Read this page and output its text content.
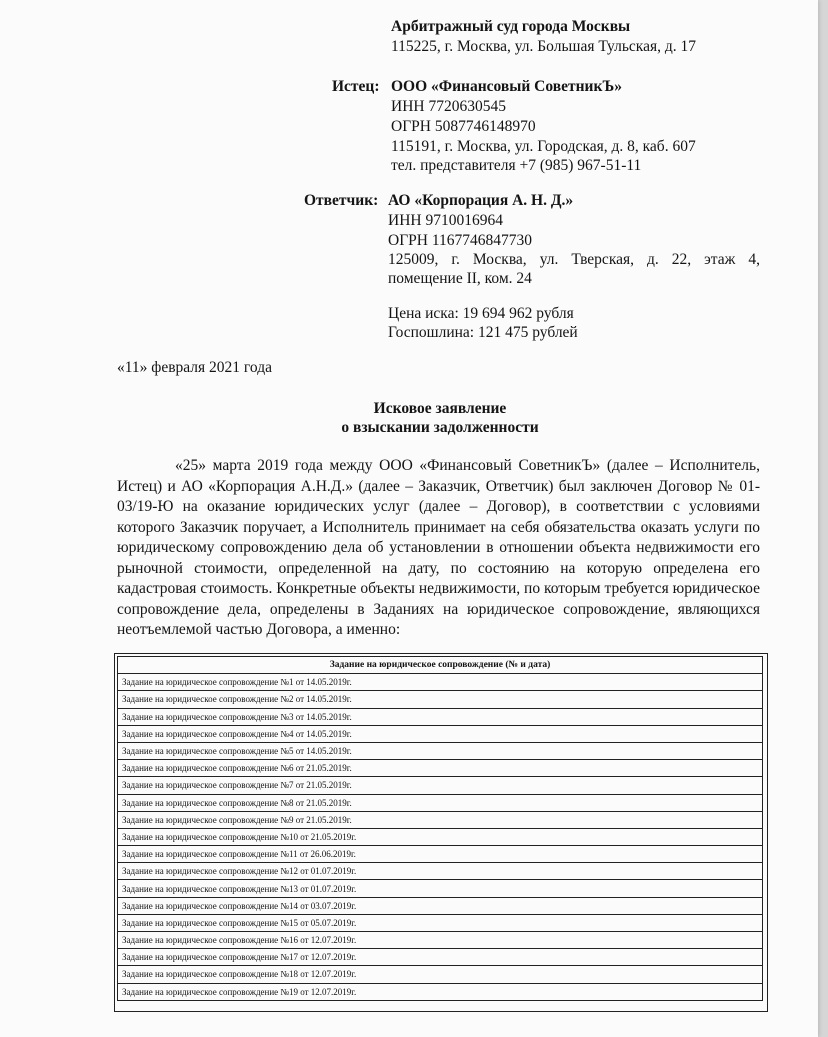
Арбитражный суд города Москвы
115225, г. Москва, ул. Большая Тульская, д. 17
Истец: ООО «Финансовый СоветникЪ»
ИНН 7720630545
ОГРН 5087746148970
115191, г. Москва, ул. Городская, д. 8, каб. 607
тел. представителя +7 (985) 967-51-11
Ответчик: АО «Корпорация А. Н. Д.»
ИНН 9710016964
ОГРН 1167746847730
125009, г. Москва, ул. Тверская, д. 22, этаж 4,
помещение II, ком. 24
Цена иска: 19 694 962 рубля
Госпошлина: 121 475 рублей
«11» февраля 2021 года
Исковое заявление
о взыскании задолженности
«25» марта 2019 года между ООО «Финансовый СоветникЪ» (далее – Исполнитель, Истец) и АО «Корпорация А.Н.Д.» (далее – Заказчик, Ответчик) был заключен Договор № 01-03/19-Ю на оказание юридических услуг (далее – Договор), в соответствии с условиями которого Заказчик поручает, а Исполнитель принимает на себя обязательства оказать услуги по юридическому сопровождению дела об установлении в отношении объекта недвижимости его рыночной стоимости, определенной на дату, по состоянию на которую определена его кадастровая стоимость. Конкретные объекты недвижимости, по которым требуется юридическое сопровождение дела, определены в Заданиях на юридическое сопровождение, являющихся неотъемлемой частью Договора, а именно:
Задание на юридическое сопровождение (№ и дата)
Задание на юридическое сопровождение №1 от 14.05.2019г.
Задание на юридическое сопровождение №2 от 14.05.2019г.
Задание на юридическое сопровождение №3 от 14.05.2019г.
Задание на юридическое сопровождение №4 от 14.05.2019г.
Задание на юридическое сопровождение №5 от 14.05.2019г.
Задание на юридическое сопровождение №6 от 21.05.2019г.
Задание на юридическое сопровождение №7 от 21.05.2019г.
Задание на юридическое сопровождение №8 от 21.05.2019г.
Задание на юридическое сопровождение №9 от 21.05.2019г.
Задание на юридическое сопровождение №10 от 21.05.2019г.
Задание на юридическое сопровождение №11 от 26.06.2019г.
Задание на юридическое сопровождение №12 от 01.07.2019г.
Задание на юридическое сопровождение №13 от 01.07.2019г.
Задание на юридическое сопровождение №14 от 03.07.2019г.
Задание на юридическое сопровождение №15 от 05.07.2019г.
Задание на юридическое сопровождение №16 от 12.07.2019г.
Задание на юридическое сопровождение №17 от 12.07.2019г.
Задание на юридическое сопровождение №18 от 12.07.2019г.
Задание на юридическое сопровождение №19 от 12.07.2019г.
